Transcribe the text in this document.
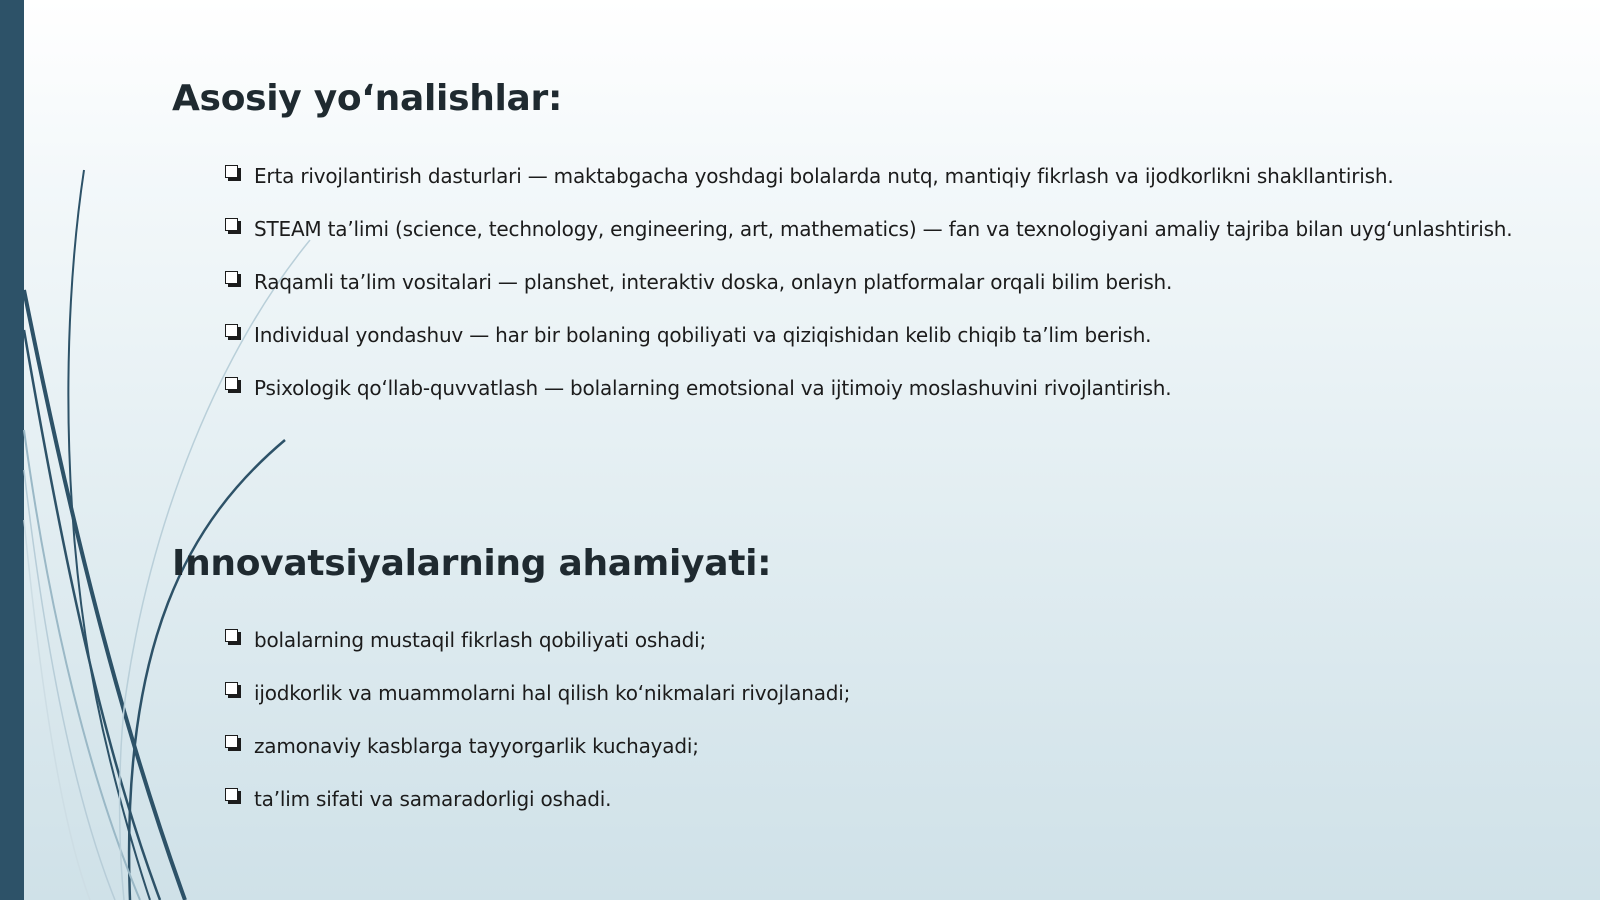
Asosiy yo‘nalishlar:
Erta rivojlantirish dasturlari — maktabgacha yoshdagi bolalarda nutq, mantiqiy fikrlash va ijodkorlikni shakllantirish.
STEAM ta’limi (science, technology, engineering, art, mathematics) — fan va texnologiyani amaliy tajriba bilan uyg‘unlashtirish.
Raqamli ta’lim vositalari — planshet, interaktiv doska, onlayn platformalar orqali bilim berish.
Individual yondashuv — har bir bolaning qobiliyati va qiziqishidan kelib chiqib ta’lim berish.
Psixologik qo‘llab-quvvatlash — bolalarning emotsional va ijtimoiy moslashuvini rivojlantirish.
Innovatsiyalarning ahamiyati:
bolalarning mustaqil fikrlash qobiliyati oshadi;
ijodkorlik va muammolarni hal qilish ko‘nikmalari rivojlanadi;
zamonaviy kasblarga tayyorgarlik kuchayadi;
ta’lim sifati va samaradorligi oshadi.
